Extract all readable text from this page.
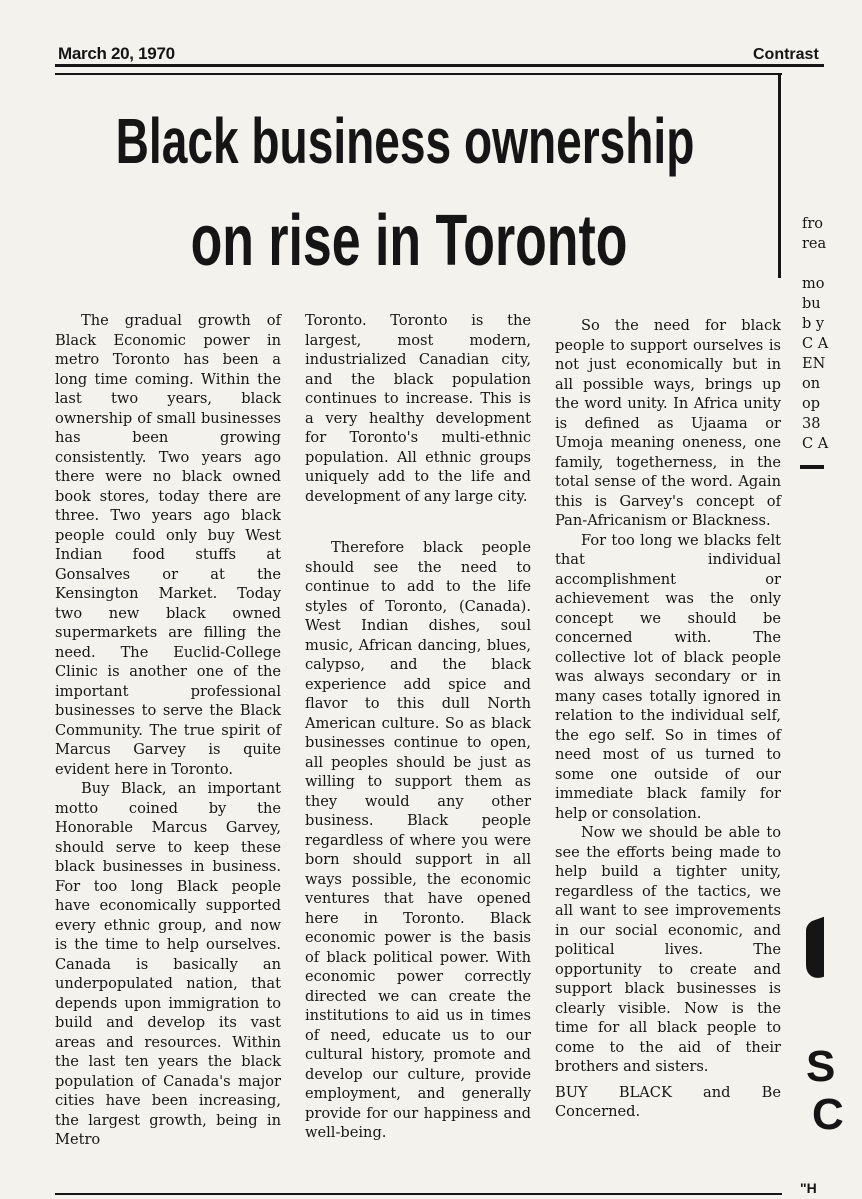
March 20, 1970	Contrast
Black business ownership
on rise in Toronto

The gradual growth of Black Economic power in metro Toronto has been a long time coming. Within the last two years, black ownership of small businesses has been growing consistently. Two years ago there were no black owned book stores, today there are three. Two years ago black people could only buy West Indian food stuffs at Gonsalves or at the Kensington Market. Today two new black owned supermarkets are filling the need. The Euclid-College Clinic is another one of the important professional businesses to serve the Black Community. The true spirit of Marcus Garvey is quite evident here in Toronto.

Buy Black, an important motto coined by the Honorable Marcus Garvey, should serve to keep these black businesses in business. For too long Black people have economically supported every ethnic group, and now is the time to help ourselves. Canada is basically an underpopulated nation, that depends upon immigration to build and develop its vast areas and resources. Within the last ten years the black population of Canada's major cities have been increasing, the largest growth, being in Metro

Toronto. Toronto is the largest, most modern, industrialized Canadian city, and the black population continues to increase. This is a very healthy development for Toronto's multi-ethnic population. All ethnic groups uniquely add to the life and development of any large city.

Therefore black people should see the need to continue to add to the life styles of Toronto, (Canada). West Indian dishes, soul music, African dancing, blues, calypso, and the black experience add spice and flavor to this dull North American culture. So as black businesses continue to open, all peoples should be just as willing to support them as they would any other business. Black people regardless of where you were born should support in all ways possible, the economic ventures that have opened here in Toronto. Black economic power is the basis of black political power. With economic power correctly directed we can create the institutions to aid us in times of need, educate us to our cultural history, promote and develop our culture, provide employment, and generally provide for our happiness and well-being.

So the need for black people to support ourselves is not just economically but in all possible ways, brings up the word unity. In Africa unity is defined as Ujaama or Umoja meaning oneness, one family, togetherness, in the total sense of the word. Again this is Garvey's concept of Pan-Africanism or Blackness.

For too long we blacks felt that individual accomplishment or achievement was the only concept we should be concerned with. The collective lot of black people was always secondary or in many cases totally ignored in relation to the individual self, the ego self. So in times of need most of us turned to some one outside of our immediate black family for help or consolation.

Now we should be able to see the efforts being made to help build a tighter unity, regardless of the tactics, we all want to see improvements in our social economic, and political lives. The opportunity to create and support black businesses is clearly visible. Now is the time for all black people to come to the aid of their brothers and sisters.

BUY BLACK and Be Concerned.

fro
rea

mo
bu
b y
C A
EN
on
op
38
C A
S
C
"H
